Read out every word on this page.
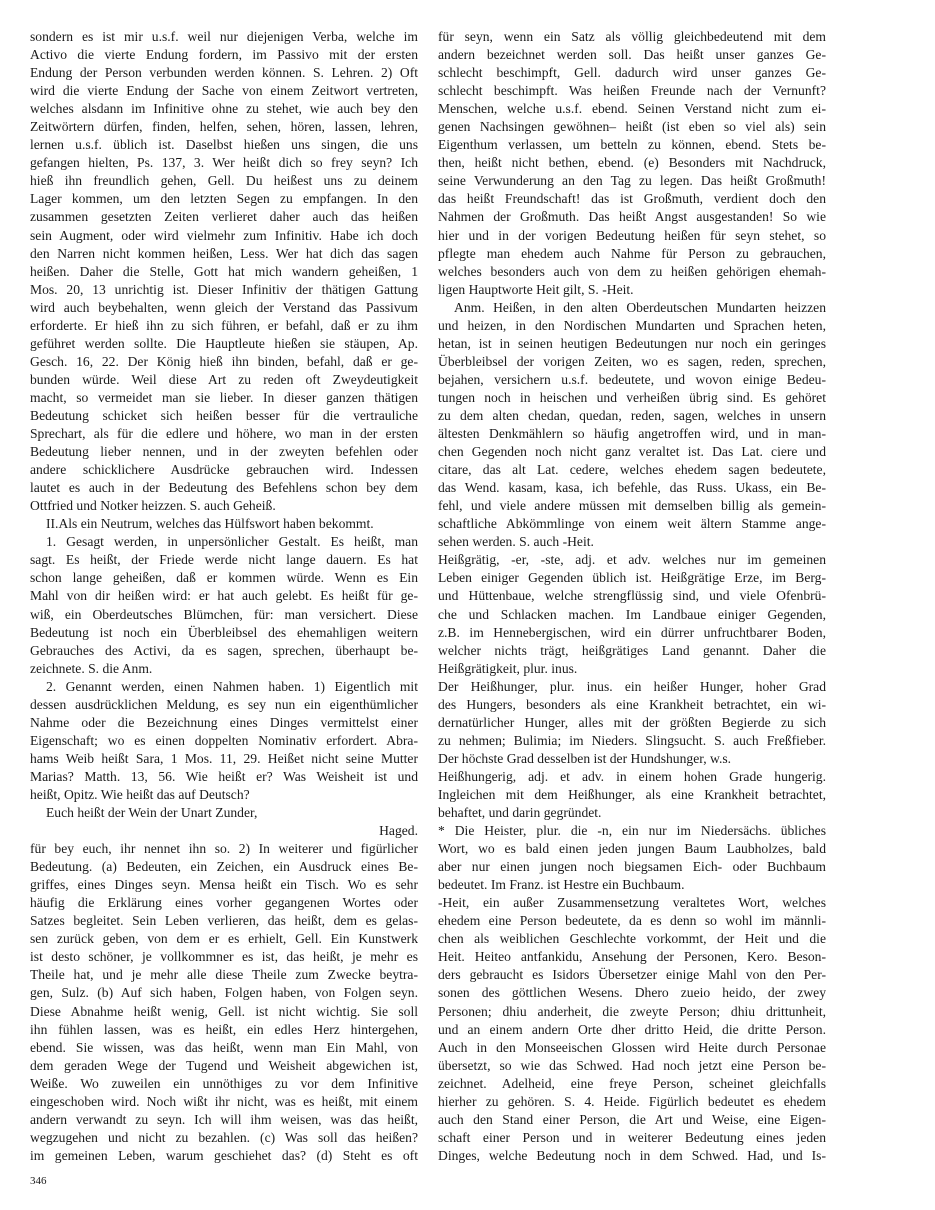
sondern es ist mir u.s.f. weil nur diejenigen Verba, welche im
Activo die vierte Endung fordern, im Passivo mit der ersten
Endung der Person verbunden werden können. S. Lehren. 2) Oft
wird die vierte Endung der Sache von einem Zeitwort vertreten,
welches alsdann im Infinitive ohne zu stehet, wie auch bey den
Zeitwörtern dürfen, finden, helfen, sehen, hören, lassen, lehren,
lernen u.s.f. üblich ist. Daselbst hießen uns singen, die uns
gefangen hielten, Ps. 137, 3. Wer heißt dich so frey seyn? Ich
hieß ihn freundlich gehen, Gell. Du heißest uns zu deinem
Lager kommen, um den letzten Segen zu empfangen. In den
zusammen gesetzten Zeiten verlieret daher auch das heißen
sein Augment, oder wird vielmehr zum Infinitiv. Habe ich doch
den Narren nicht kommen heißen, Less. Wer hat dich das sagen
heißen. Daher die Stelle, Gott hat mich wandern geheißen, 1
Mos. 20, 13 unrichtig ist. Dieser Infinitiv der thätigen Gattung
wird auch beybehalten, wenn gleich der Verstand das Passivum
erforderte. Er hieß ihn zu sich führen, er befahl, daß er zu ihm
geführet werden sollte. Die Hauptleute hießen sie stäupen, Ap.
Gesch. 16, 22. Der König hieß ihn binden, befahl, daß er ge-
bunden würde. Weil diese Art zu reden oft Zweydeutigkeit
macht, so vermeidet man sie lieber. In dieser ganzen thätigen
Bedeutung schicket sich heißen besser für die vertrauliche
Sprechart, als für die edlere und höhere, wo man in der ersten
Bedeutung lieber nennen, und in der zweyten befehlen oder
andere schicklichere Ausdrücke gebrauchen wird. Indessen
lautet es auch in der Bedeutung des Befehlens schon bey dem
Ottfried und Notker heizzen. S. auch Geheiß.
II.Als ein Neutrum, welches das Hülfswort haben bekommt.
1. Gesagt werden, in unpersönlicher Gestalt. Es heißt, man
sagt. Es heißt, der Friede werde nicht lange dauern. Es hat
schon lange geheißen, daß er kommen würde. Wenn es Ein
Mahl von dir heißen wird: er hat auch gelebt. Es heißt für ge-
wiß, ein Oberdeutsches Blümchen, für: man versichert. Diese
Bedeutung ist noch ein Überbleibsel des ehemahligen weitern
Gebrauches des Activi, da es sagen, sprechen, überhaupt be-
zeichnete. S. die Anm.
2. Genannt werden, einen Nahmen haben. 1) Eigentlich mit
dessen ausdrücklichen Meldung, es sey nun ein eigenthümlicher
Nahme oder die Bezeichnung eines Dinges vermittelst einer
Eigenschaft; wo es einen doppelten Nominativ erfordert. Abra-
hams Weib heißt Sara, 1 Mos. 11, 29. Heißet nicht seine Mutter
Marias? Matth. 13, 56. Wie heißt er? Was Weisheit ist und
heißt, Opitz. Wie heißt das auf Deutsch?
Euch heißt der Wein der Unart Zunder,
Haged.
für bey euch, ihr nennet ihn so. 2) In weiterer und figürlicher
Bedeutung. (a) Bedeuten, ein Zeichen, ein Ausdruck eines Be-
griffes, eines Dinges seyn. Mensa heißt ein Tisch. Wo es sehr
häufig die Erklärung eines vorher gegangenen Wortes oder
Satzes begleitet. Sein Leben verlieren, das heißt, dem es gelas-
sen zurück geben, von dem er es erhielt, Gell. Ein Kunstwerk
ist desto schöner, je vollkommner es ist, das heißt, je mehr es
Theile hat, und je mehr alle diese Theile zum Zwecke beytra-
gen, Sulz. (b) Auf sich haben, Folgen haben, von Folgen seyn.
Diese Abnahme heißt wenig, Gell. ist nicht wichtig. Sie soll
ihn fühlen lassen, was es heißt, ein edles Herz hintergehen,
ebend. Sie wissen, was das heißt, wenn man Ein Mahl, von
dem geraden Wege der Tugend und Weisheit abgewichen ist,
Weiße. Wo zuweilen ein unnöthiges zu vor dem Infinitive
eingeschoben wird. Noch wißt ihr nicht, was es heißt, mit einem
andern verwandt zu seyn. Ich will ihm weisen, was das heißt,
wegzugehen und nicht zu bezahlen. (c) Was soll das heißen?
im gemeinen Leben, warum geschiehet das? (d) Steht es oft
für seyn, wenn ein Satz als völlig gleichbedeutend mit dem
andern bezeichnet werden soll. Das heißt unser ganzes Ge-
schlecht beschimpft, Gell. dadurch wird unser ganzes Ge-
schlecht beschimpft. Was heißen Freunde nach der Vernunft?
Menschen, welche u.s.f. ebend. Seinen Verstand nicht zum ei-
genen Nachsingen gewöhnen– heißt (ist eben so viel als) sein
Eigenthum verlassen, um betteln zu können, ebend. Stets be-
then, heißt nicht bethen, ebend. (e) Besonders mit Nachdruck,
seine Verwunderung an den Tag zu legen. Das heißt Großmuth!
das heißt Freundschaft! das ist Großmuth, verdient doch den
Nahmen der Großmuth. Das heißt Angst ausgestanden! So wie
hier und in der vorigen Bedeutung heißen für seyn stehet, so
pflegte man ehedem auch Nahme für Person zu gebrauchen,
welches besonders auch von dem zu heißen gehörigen ehemah-
ligen Hauptworte Heit gilt, S. -Heit.
Anm. Heißen, in den alten Oberdeutschen Mundarten heizzen
und heizen, in den Nordischen Mundarten und Sprachen heten,
hetan, ist in seinen heutigen Bedeutungen nur noch ein geringes
Überbleibsel der vorigen Zeiten, wo es sagen, reden, sprechen,
bejahen, versichern u.s.f. bedeutete, und wovon einige Bedeu-
tungen noch in heischen und verheißen übrig sind. Es gehöret
zu dem alten chedan, quedan, reden, sagen, welches in unsern
ältesten Denkmählern so häufig angetroffen wird, und in man-
chen Gegenden noch nicht ganz veraltet ist. Das Lat. ciere und
citare, das alt Lat. cedere, welches ehedem sagen bedeutete,
das Wend. kasam, kasa, ich befehle, das Russ. Ukass, ein Be-
fehl, und viele andere müssen mit demselben billig als gemein-
schaftliche Abkömmlinge von einem weit ältern Stamme ange-
sehen werden. S. auch -Heit.
Heißgrätig, -er, -ste, adj. et adv. welches nur im gemeinen
Leben einiger Gegenden üblich ist. Heißgrätige Erze, im Berg-
und Hüttenbaue, welche strengflüssig sind, und viele Ofenbrü-
che und Schlacken machen. Im Landbaue einiger Gegenden,
z.B. im Hennebergischen, wird ein dürrer unfruchtbarer Boden,
welcher nichts trägt, heißgrätiges Land genannt. Daher die
Heißgrätigkeit, plur. inus.
Der Heißhunger, plur. inus. ein heißer Hunger, hoher Grad
des Hungers, besonders als eine Krankheit betrachtet, ein wi-
dernatürlicher Hunger, alles mit der größten Begierde zu sich
zu nehmen; Bulimia; im Nieders. Slingsucht. S. auch Freßfieber.
Der höchste Grad desselben ist der Hundshunger, w.s.
Heißhungerig, adj. et adv. in einem hohen Grade hungerig.
Ingleichen mit dem Heißhunger, als eine Krankheit betrachtet,
behaftet, und darin gegründet.
* Die Heister, plur. die -n, ein nur im Niedersächs. übliches
Wort, wo es bald einen jeden jungen Baum Laubholzes, bald
aber nur einen jungen noch biegsamen Eich- oder Buchbaum
bedeutet. Im Franz. ist Hestre ein Buchbaum.
-Heit, ein außer Zusammensetzung veraltetes Wort, welches
ehedem eine Person bedeutete, da es denn so wohl im männli-
chen als weiblichen Geschlechte vorkommt, der Heit und die
Heit. Heiteo antfankidu, Ansehung der Personen, Kero. Beson-
ders gebraucht es Isidors Übersetzer einige Mahl von den Per-
sonen des göttlichen Wesens. Dhero zueio heido, der zwey
Personen; dhiu anderheit, die zweyte Person; dhiu drittunheit,
und an einem andern Orte dher dritto Heid, die dritte Person.
Auch in den Monseeischen Glossen wird Heite durch Personae
übersetzt, so wie das Schwed. Had noch jetzt eine Person be-
zeichnet. Adelheid, eine freye Person, scheinet gleichfalls
hierher zu gehören. S. 4. Heide. Figürlich bedeutet es ehedem
auch den Stand einer Person, die Art und Weise, eine Eigen-
schaft einer Person und in weiterer Bedeutung eines jeden
Dinges, welche Bedeutung noch in dem Schwed. Had, und Is-
346
